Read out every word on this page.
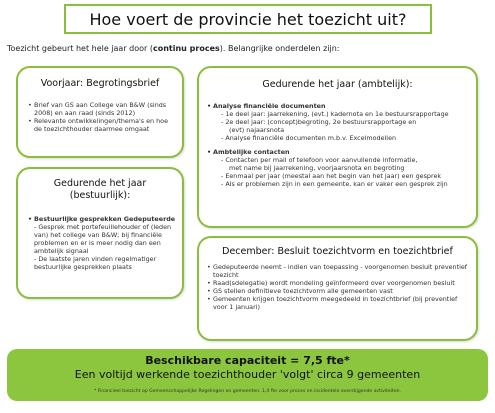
Hoe voert de provincie het toezicht uit?
Toezicht gebeurt het hele jaar door (continu proces). Belangrijke onderdelen zijn:
Voorjaar: Begrotingsbrief
• Brief van GS aan College van B&W (sinds 2008) en aan raad (sinds 2012)
• Relevante ontwikkelingen/thema's en hoe de toezichthouder daarmee omgaat
Gedurende het jaar (bestuurlijk):
• Bestuurlijke gesprekken Gedeputeerde
- Gesprek met portefeuillehouder of (leden van) het college van B&W; bij financiële problemen en er is meer nodig dan een ambtelijk signaal
- De laatste jaren vinden regelmatiger bestuurlijke gesprekken plaats
Gedurende het jaar (ambtelijk):
• Analyse financiële documenten
- 1e deel jaar: jaarrekening, (evt.) kadernota en 1e bestuursrapportage
- 2e deel jaar: (concept)begroting, 2e bestuursrapportage en
(evt) najaarsnota
- Analyse financiële documenten m.b.v. Excelmodellen
• Ambtelijke contacten
- Contacten per mail of telefoon voor aanvullende informatie,
met name bij jaarrekening, voorjaarsnota en begroting
- Eenmaal per jaar (meestal aan het begin van het jaar) een gesprek
- Als er problemen zijn in een gemeente, kan er vaker een gesprek zijn
December: Besluit toezichtvorm en toezichtbrief
• Gedeputeerde neemt - indien van toepassing - voorgenomen besluit preventief toezicht
• Raad(sdelegatie) wordt mondeling geïnformeerd over voorgenomen besluit
• GS stellen definitieve toezichtvorm alle gemeenten vast
• Gemeenten krijgen toezichtvorm meegedeeld in toezichtbrief (bij preventief voor 1 januari)
Beschikbare capaciteit = 7,5 fte*
Een voltijd werkende toezichthouder 'volgt' circa 9 gemeenten
* Financieel toezicht op Gemeenschappelijke Regelingen en gemeenten. 1,4 fte voor proces en incidentele overstijgende activiteiten.
